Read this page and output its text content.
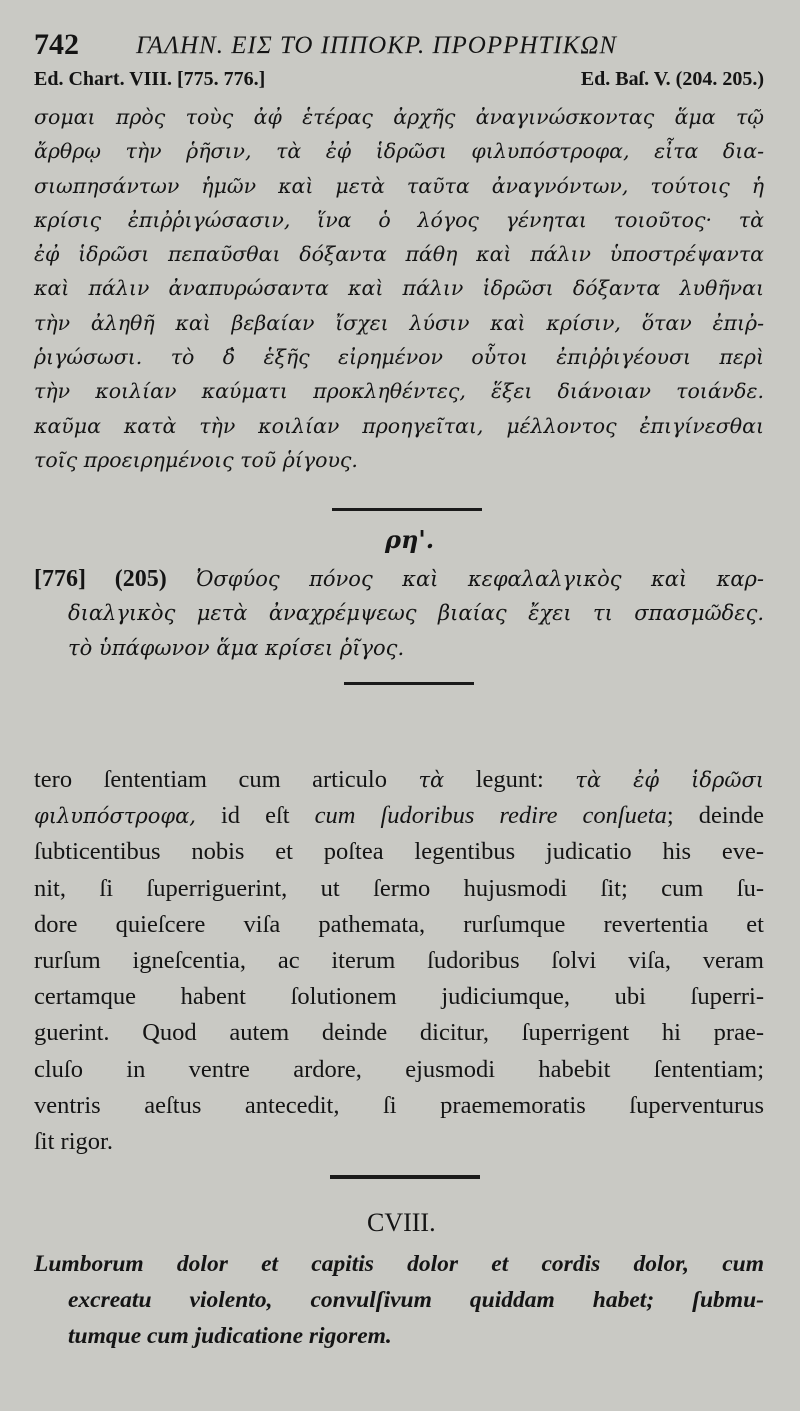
742 ΓΑΛΗΝ. ΕΙΣ ΤΟ ΙΠΠΟΚΡ. ΠΡΟΡΡΗΤΙΚΩΝ
Ed. Chart. VIII. [775. 776.]	Ed. Baſ. V. (204. 205.)
σομαι πρὸς τοὺς ἀφ̓ ἑτέρας ἀρχῆς ἀναγινώσκοντας ἅμα τῷ
ἄρθρῳ τὴν ῥῆσιν, τὰ ἐφ̓ ἱδρῶσι φιλυπόστροφα, εἶτα δια-
σιωπησάντων ἡμῶν καὶ μετὰ ταῦτα ἀναγνόντων, τούτοις ἡ
κρίσις ἐπιῤῥιγώσασιν, ἵνα ὁ λόγος γένηται τοιοῦτος· τὰ
ἐφ̓ ἱδρῶσι πεπαῦσθαι δόξαντα πάθη καὶ πάλιν ὑποστρέψαντα
καὶ πάλιν ἀναπυρώσαντα καὶ πάλιν ἱδρῶσι δόξαντα λυθῆναι
τὴν ἀληθῆ καὶ βεβαίαν ἴσχει λύσιν καὶ κρίσιν, ὅταν ἐπιῤ-
ῥιγώσωσι. τὸ δ̓ ἑξῆς εἰρημένον οὗτοι ἐπιῤῥιγέουσι περὶ
τὴν κοιλίαν καύματι προκληθέντες, ἕξει διάνοιαν τοιάνδε.
καῦμα κατὰ τὴν κοιλίαν προηγεῖται, μέλλοντος ἐπιγίνεσθαι
τοῖς προειρημένοις τοῦ ῥίγους.
ρη'.
[776] (205) Ὀσφύος πόνος καὶ κεφαλαλγικὸς καὶ καρ-
διαλγικὸς μετὰ ἀναχρέμψεως βιαίας ἔχει τι σπασμῶδες.
τὸ ὑπάφωνον ἅμα κρίσει ῥῖγος.
tero ſententiam cum articulo τὰ legunt: τὰ ἐφ̓ ἱδρῶσι
φιλυπόστροφα, id eſt cum ſudoribus redire conſueta; deinde
ſubticentibus nobis et poſtea legentibus judicatio his eve-
nit, ſi ſuperriguerint, ut ſermo hujusmodi ſit; cum ſu-
dore quieſcere viſa pathemata, rurſumque revertentia et
rurſum igneſcentia, ac iterum ſudoribus ſolvi viſa, veram
certamque habent ſolutionem judiciumque, ubi ſuperri-
guerint. Quod autem deinde dicitur, ſuperrigent hi prae-
cluſo in ventre ardore, ejusmodi habebit ſententiam;
ventris aeſtus antecedit, ſi praememoratis ſuperventurus
ſit rigor.
CVIII.
Lumborum dolor et capitis dolor et cordis dolor, cum
excreatu violento, convulſivum quiddam habet; ſubmu-
tumque cum judicatione rigorem.
